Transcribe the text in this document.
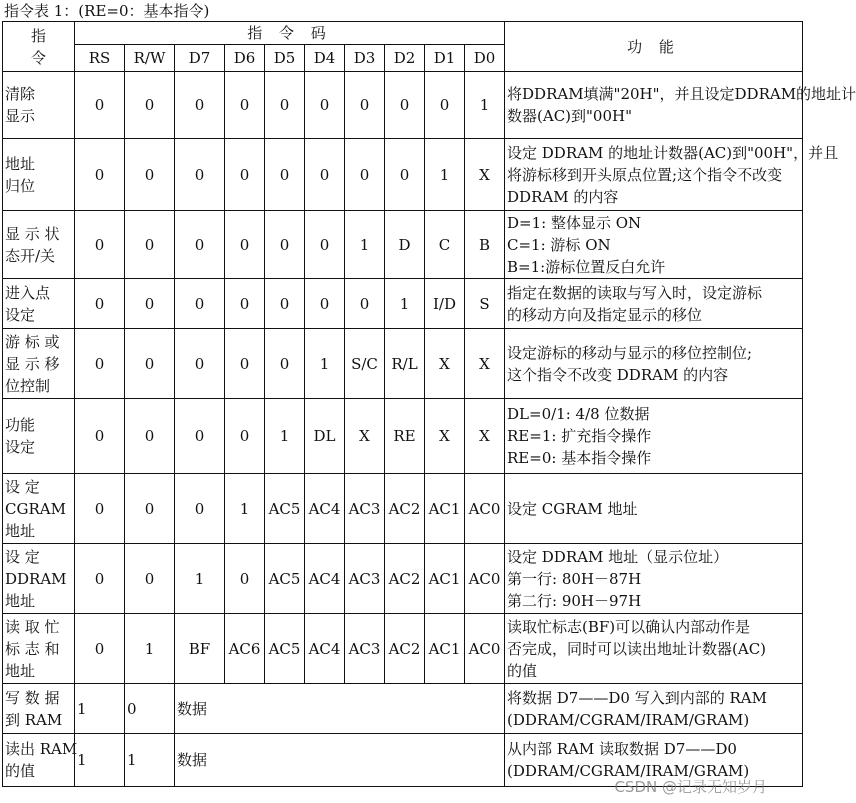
指令表 1：(RE=0：基本指令)
指
令	指 令 码										功 能
	RS	R/W	D7	D6	D5	D4	D3	D2	D1	D0	

清除
显示	0	0	0	0	0	0	0	0	0	1	将DDRAM填满"20H"，并且设定DDRAM的地址计
数器(AC)到"00H"

地址
归位	0	0	0	0	0	0	0	0	1	X	设定 DDRAM 的地址计数器(AC)到"00H"，并且
将游标移到开头原点位置;这个指令不改变
DDRAM 的内容

显 示 状
态开/关	0	0	0	0	0	0	1	D	C	B	D=1: 整体显示 ON
C=1: 游标 ON
B=1:游标位置反白允许

进入点
设定	0	0	0	0	0	0	0	1	I/D	S	指定在数据的读取与写入时，设定游标
的移动方向及指定显示的移位

游 标 或
显 示 移
位控制	0	0	0	0	0	1	S/C	R/L	X	X	设定游标的移动与显示的移位控制位;
这个指令不改变 DDRAM 的内容

功能
设定	0	0	0	0	1	DL	X	RE	X	X	DL=0/1: 4/8 位数据
RE=1: 扩充指令操作
RE=0: 基本指令操作

设 定
CGRAM
地址	0	0	0	1	AC5	AC4	AC3	AC2	AC1	AC0	设定 CGRAM 地址

设 定
DDRAM
地址	0	0	1	0	AC5	AC4	AC3	AC2	AC1	AC0	设定 DDRAM 地址（显示位址）
第一行: 80H－87H
第二行: 90H－97H

读 取 忙
标 志 和
地址	0	1	BF	AC6	AC5	AC4	AC3	AC2	AC1	AC0	读取忙标志(BF)可以确认内部动作是
否完成，同时可以读出地址计数器(AC)
的值

写 数 据
到 RAM	1	0	数据								将数据 D7——D0 写入到内部的 RAM
(DDRAM/CGRAM/IRAM/GRAM)

读出 RAM
的值	1	1	数据								从内部 RAM 读取数据 D7——D0
(DDRAM/CGRAM/IRAM/GRAM)
CSDN @记录无知岁月
